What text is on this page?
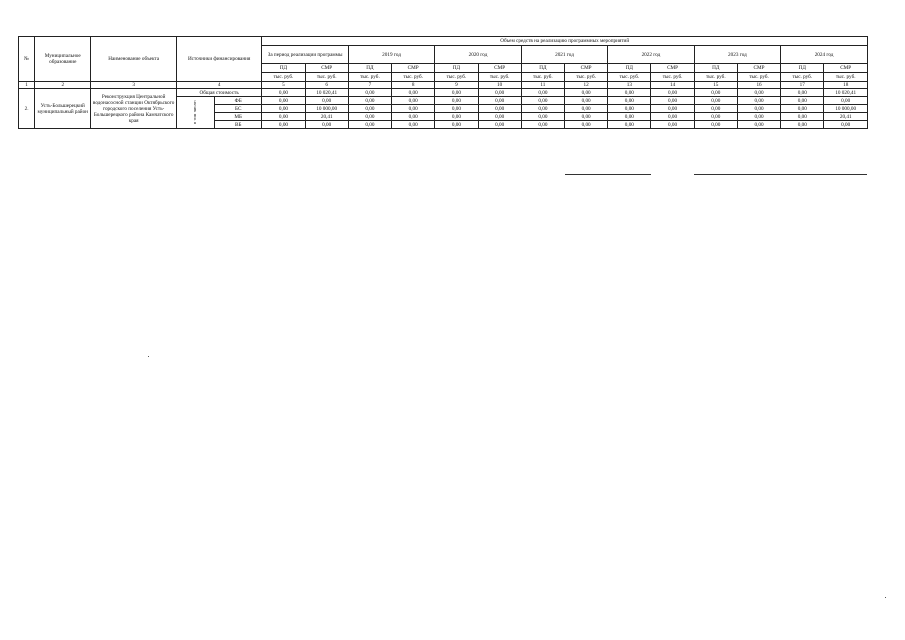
№	Муниципальное образование	Наименование объекта	Источники финансирования		Объем средств на реализацию программных мероприятий													
					За период реализации программы		2019 год		2020 год		2021 год		2022 год		2023 год		2024 год	
					ПД	СМР	ПД	СМР	ПД	СМР	ПД	СМР	ПД	СМР	ПД	СМР	ПД	СМР
					тыс. руб.	тыс. руб.	тыс. руб.	тыс. руб.	тыс. руб.	тыс. руб.	тыс. руб.	тыс. руб.	тыс. руб.	тыс. руб.	тыс. руб.	тыс. руб.	тыс. руб.	тыс. руб.
1	2	3	4		5	6	7	8	9	10	11	12	13	14	15	16	17	18
2.	Усть-Большерецкий муниципальный район	Реконструкция Центральной водонасосной станции Октябрьского городского поселения Усть-Большерецкого района Камчатского края	Общая стоимость		0,00	10 020,41	0,00	0,00	0,00	0,00	0,00	0,00	0,00	0,00	0,00	0,00	0,00	10 020,41
			в том числе:	ФБ	0,00	0,00	0,00	0,00	0,00	0,00	0,00	0,00	0,00	0,00	0,00	0,00	0,00	0,00
				БС	0,00	10 000,00	0,00	0,00	0,00	0,00	0,00	0,00	0,00	0,00	0,00	0,00	0,00	10 000,00
				МБ	0,00	20,41	0,00	0,00	0,00	0,00	0,00	0,00	0,00	0,00	0,00	0,00	0,00	20,41
				ВБ	0,00	0,00	0,00	0,00	0,00	0,00	0,00	0,00	0,00	0,00	0,00	0,00	0,00	0,00
